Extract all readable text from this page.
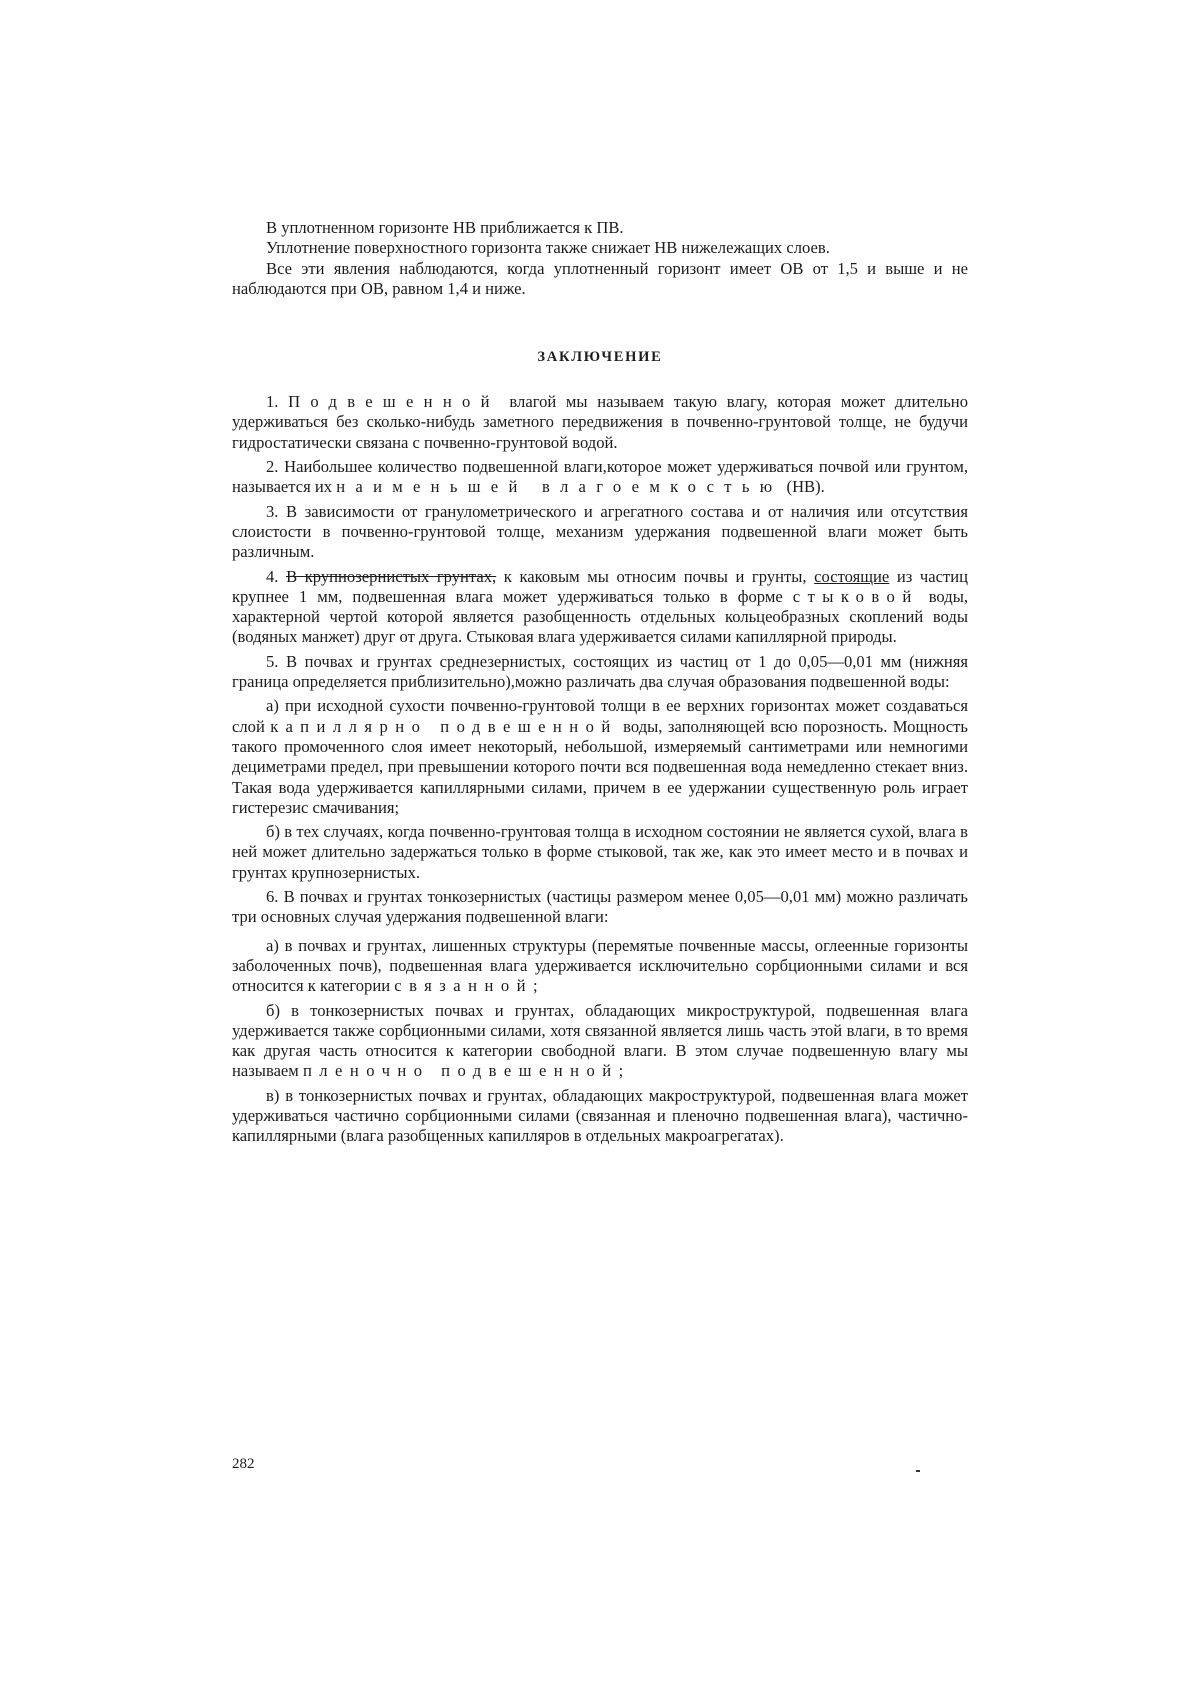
В уплотненном горизонте НВ приближается к ПВ.

Уплотнение поверхностного горизонта также снижает НВ нижележащих слоев.

Все эти явления наблюдаются, когда уплотненный горизонт имеет ОВ от 1,5 и выше и не наблюдаются при ОВ, равном 1,4 и ниже.

ЗАКЛЮЧЕНИЕ

1. Подвешенной влагой мы называем такую влагу, которая может длительно удерживаться без сколько-нибудь заметного передвижения в почвенно-грунтовой толще, не будучи гидростатически связана с почвенно-грунтовой водой.

2. Наибольшее количество подвешенной влаги,которое может удерживаться почвой или грунтом, называется их наименьшей влагоемкостью (НВ).

3. В зависимости от гранулометрического и агрегатного состава и от наличия или отсутствия слоистости в почвенно-грунтовой толще, механизм удержания подвешенной влаги может быть различным.

4. В крупнозернистых грунтах, к каковым мы относим почвы и грунты, состоящие из частиц крупнее 1 мм, подвешенная влага может удерживаться только в форме стыковой воды, характерной чертой которой является разобщенность отдельных кольцеобразных скоплений воды (водяных манжет) друг от друга. Стыковая влага удерживается силами капиллярной природы.

5. В почвах и грунтах среднезернистых, состоящих из частиц от 1 до 0,05—0,01 мм (нижняя граница определяется приблизительно),можно различать два случая образования подвешенной воды:

а) при исходной сухости почвенно-грунтовой толщи в ее верхних горизонтах может создаваться слой капиллярно подвешенной воды, заполняющей всю порозность. Мощность такого промоченного слоя имеет некоторый, небольшой, измеряемый сантиметрами или немногими дециметрами предел, при превышении которого почти вся подвешенная вода немедленно стекает вниз. Такая вода удерживается капиллярными силами, причем в ее удержании существенную роль играет гистерезис смачивания;

б) в тех случаях, когда почвенно-грунтовая толща в исходном состоянии не является сухой, влага в ней может длительно задержаться только в форме стыковой, так же, как это имеет место и в почвах и грунтах крупнозернистых.

6. В почвах и грунтах тонкозернистых (частицы размером менее 0,05—0,01 мм) можно различать три основных случая удержания подвешенной влаги:

а) в почвах и грунтах, лишенных структуры (перемятые почвенные массы, оглеенные горизонты заболоченных почв), подвешенная влага удерживается исключительно сорбционными силами и вся относится к категории связанной;

б) в тонкозернистых почвах и грунтах, обладающих микроструктурой, подвешенная влага удерживается также сорбционными силами, хотя связанной является лишь часть этой влаги, в то время как другая часть относится к категории свободной влаги. В этом случае подвешенную влагу мы называем пленочно подвешенной;

в) в тонкозернистых почвах и грунтах, обладающих макроструктурой, подвешенная влага может удерживаться частично сорбционными силами (связанная и пленочно подвешенная влага), частично-капиллярными (влага разобщенных капилляров в отдельных макроагрегатах).

282
